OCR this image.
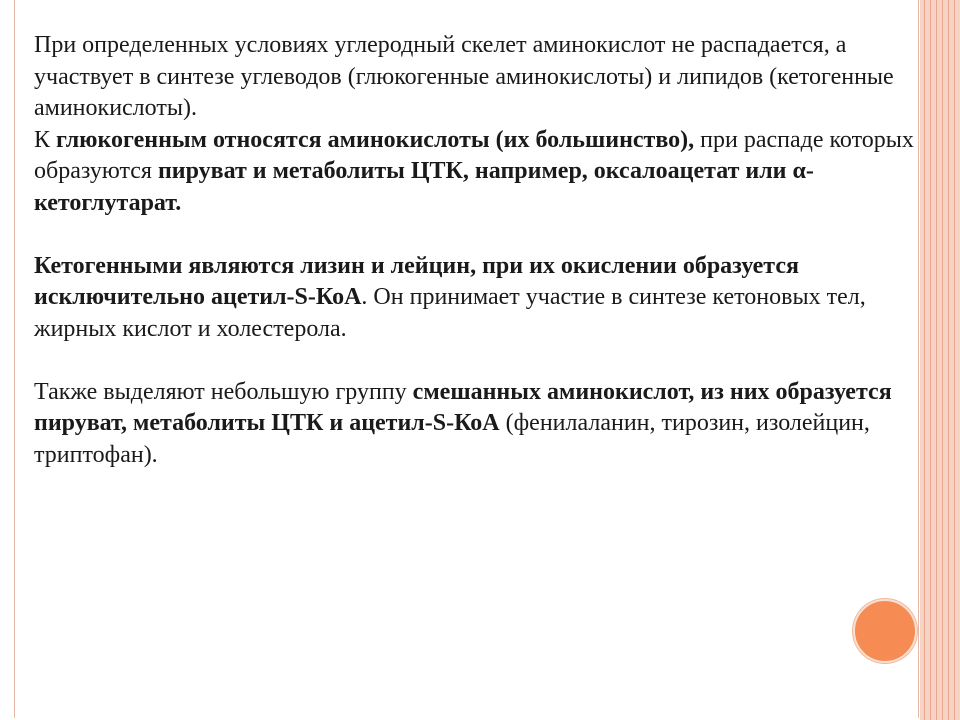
При определенных условиях углеродный скелет аминокислот не распадается, а участвует в синтезе углеводов (глюкогенные аминокислоты) и липидов (кетогенные аминокислоты).

К глюкогенным относятся аминокислоты (их большинство), при распаде которых образуются пируват и метаболиты ЦТК, например, оксалоацетат или α-кетоглутарат.

Кетогенными являются лизин и лейцин, при их окислении образуется исключительно ацетил-S-КоА. Он принимает участие в синтезе кетоновых тел, жирных кислот и холестерола.

Также выделяют небольшую группу смешанных аминокислот, из них образуется пируват, метаболиты ЦТК и ацетил-S-КоА (фенилаланин, тирозин, изолейцин, триптофан).
